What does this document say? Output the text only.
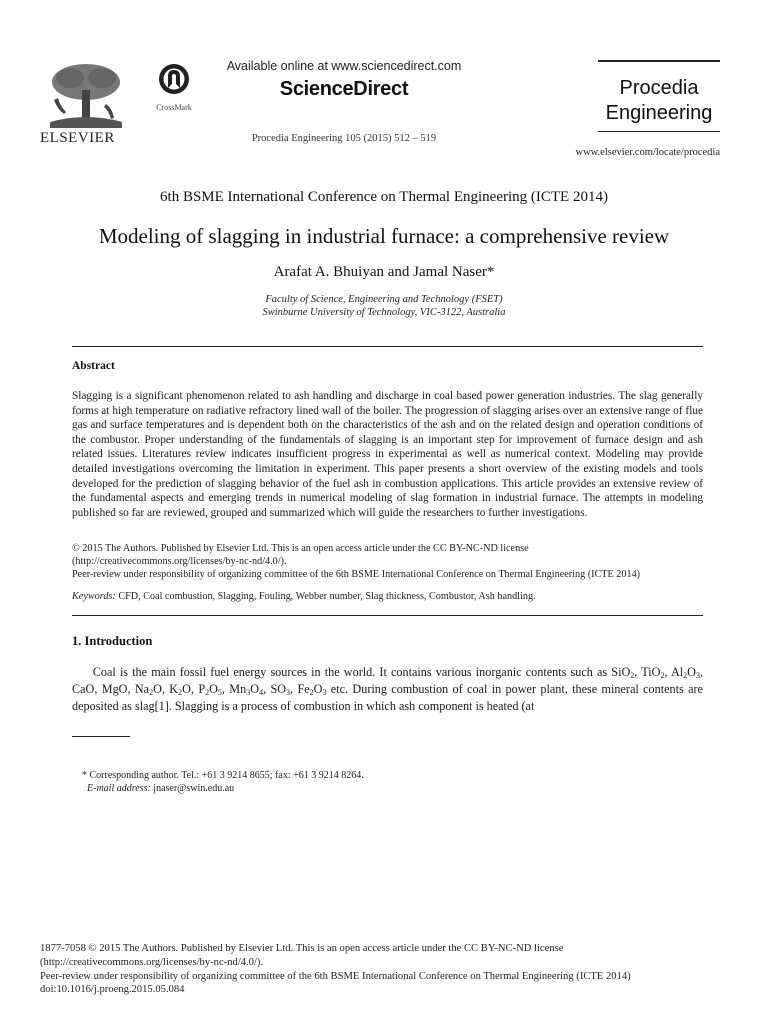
ELSEVIER
CrossMark
Available online at www.sciencedirect.com
ScienceDirect
Procedia Engineering 105 (2015) 512 – 519
Procedia
Engineering
www.elsevier.com/locate/procedia
6th BSME International Conference on Thermal Engineering (ICTE 2014)
Modeling of slagging in industrial furnace: a comprehensive review
Arafat A. Bhuiyan and Jamal Naser*
Faculty of Science, Engineering and Technology (FSET)
Swinburne University of Technology, VIC-3122, Australia
Abstract
Slagging is a significant phenomenon related to ash handling and discharge in coal based power generation industries. The slag generally forms at high temperature on radiative refractory lined wall of the boiler. The progression of slagging arises over an extensive range of flue gas and surface temperatures and is dependent both on the characteristics of the ash and on the related design and operation conditions of the combustor. Proper understanding of the fundamentals of slagging is an important step for improvement of furnace design and ash related issues. Literatures review indicates insufficient progress in experimental as well as numerical context. Modeling may provide detailed investigations overcoming the limitation in experiment. This paper presents a short overview of the existing models and tools developed for the prediction of slagging behavior of the fuel ash in combustion applications. This article provides an extensive review of the fundamental aspects and emerging trends in numerical modeling of slag formation in industrial furnace. The attempts in modeling published so far are reviewed, grouped and summarized which will guide the researchers to further investigations.
© 2015 The Authors. Published by Elsevier Ltd. This is an open access article under the CC BY-NC-ND license
(http://creativecommons.org/licenses/by-nc-nd/4.0/).
Peer-review under responsibility of organizing committee of the 6th BSME International Conference on Thermal Engineering (ICTE 2014)
Keywords: CFD, Coal combustion, Slagging, Fouling, Webber number, Slag thickness, Combustor, Ash handling.
1. Introduction
Coal is the main fossil fuel energy sources in the world. It contains various inorganic contents such as SiO$_2$, TiO$_2$, $Al_2O_3$, CaO, MgO, $Na_2O$, $K_2O$, $P_2O_5$, $Mn_3O_4$, $SO_3$, $Fe_2O_3$ etc. During combustion of coal in power plant, these mineral contents are deposited as slag[1]. Slagging is a process of combustion in which ash component is heated (at
* Corresponding author. Tel.: +61 3 9214 8655; fax: +61 3 9214 8264.
E-mail address: jnaser@swin.edu.au
1877-7058 © 2015 The Authors. Published by Elsevier Ltd. This is an open access article under the CC BY-NC-ND license
(http://creativecommons.org/licenses/by-nc-nd/4.0/).
Peer-review under responsibility of organizing committee of the 6th BSME International Conference on Thermal Engineering (ICTE 2014)
doi:10.1016/j.proeng.2015.05.084
